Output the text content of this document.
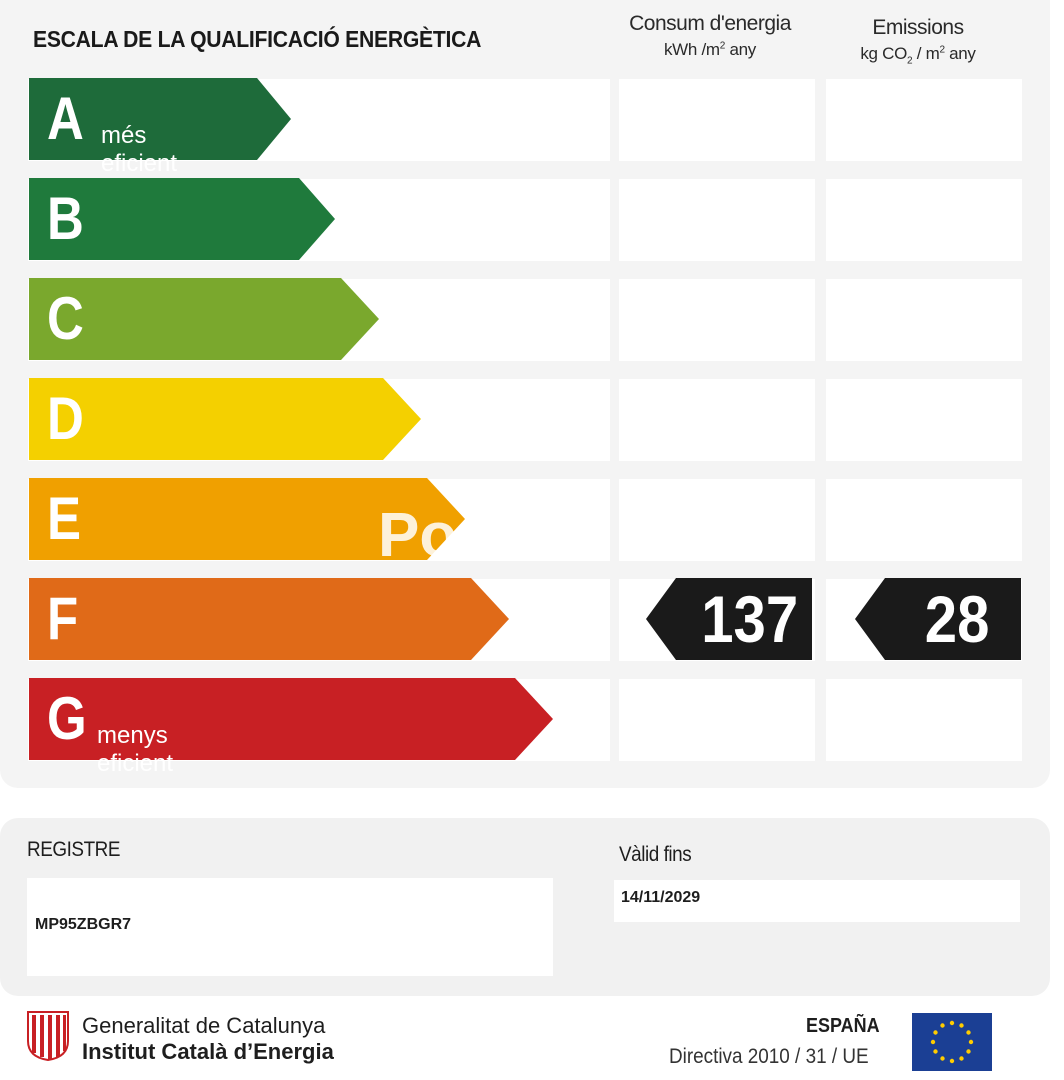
ESCALA DE LA QUALIFICACIÓ ENERGÈTICA
Consum d'energia
kWh $/m^2$ any
Emissions
kg $CO_2 / m^2$ any
A més eficient
B
C
D
E
F
G menys eficient
Po
137 28
REGISTRE
MP95ZBGR7
Vàlid fins
14/11/2029
Generalitat de Catalunya
Institut Català d’Energia
ESPAÑA
Directiva 2010 / 31 / UE
